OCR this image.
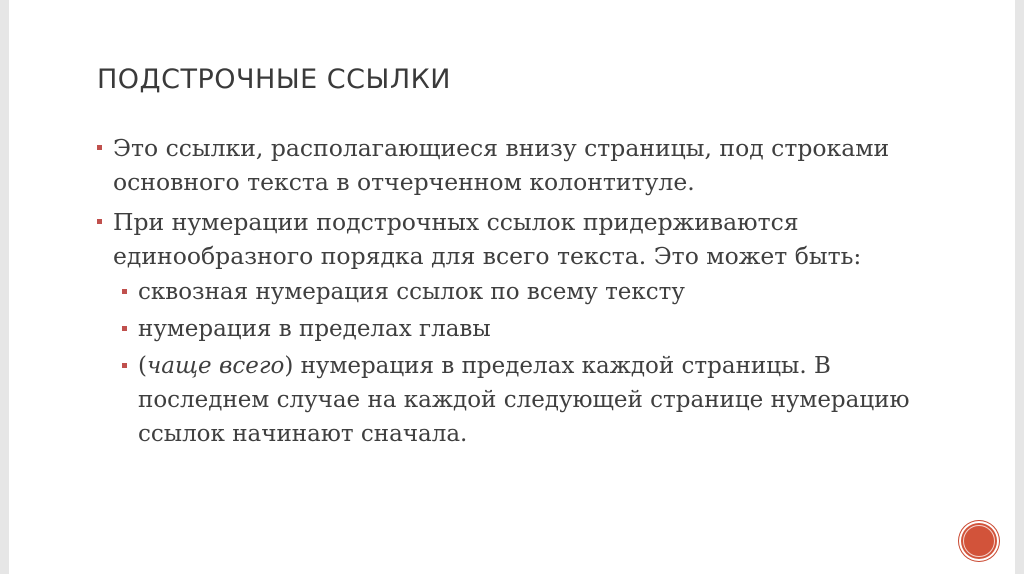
ПОДСТРОЧНЫЕ ССЫЛКИ
Это ссылки, располагающиеся внизу страницы, под строками основного текста в отчерченном колонтитуле.
При нумерации подстрочных ссылок придерживаются единообразного порядка для всего текста. Это может быть:
сквозная нумерация ссылок по всему тексту
нумерация в пределах главы
(чаще всего) нумерация в пределах каждой страницы. В последнем случае на каждой следующей странице нумерацию ссылок начинают сначала.
